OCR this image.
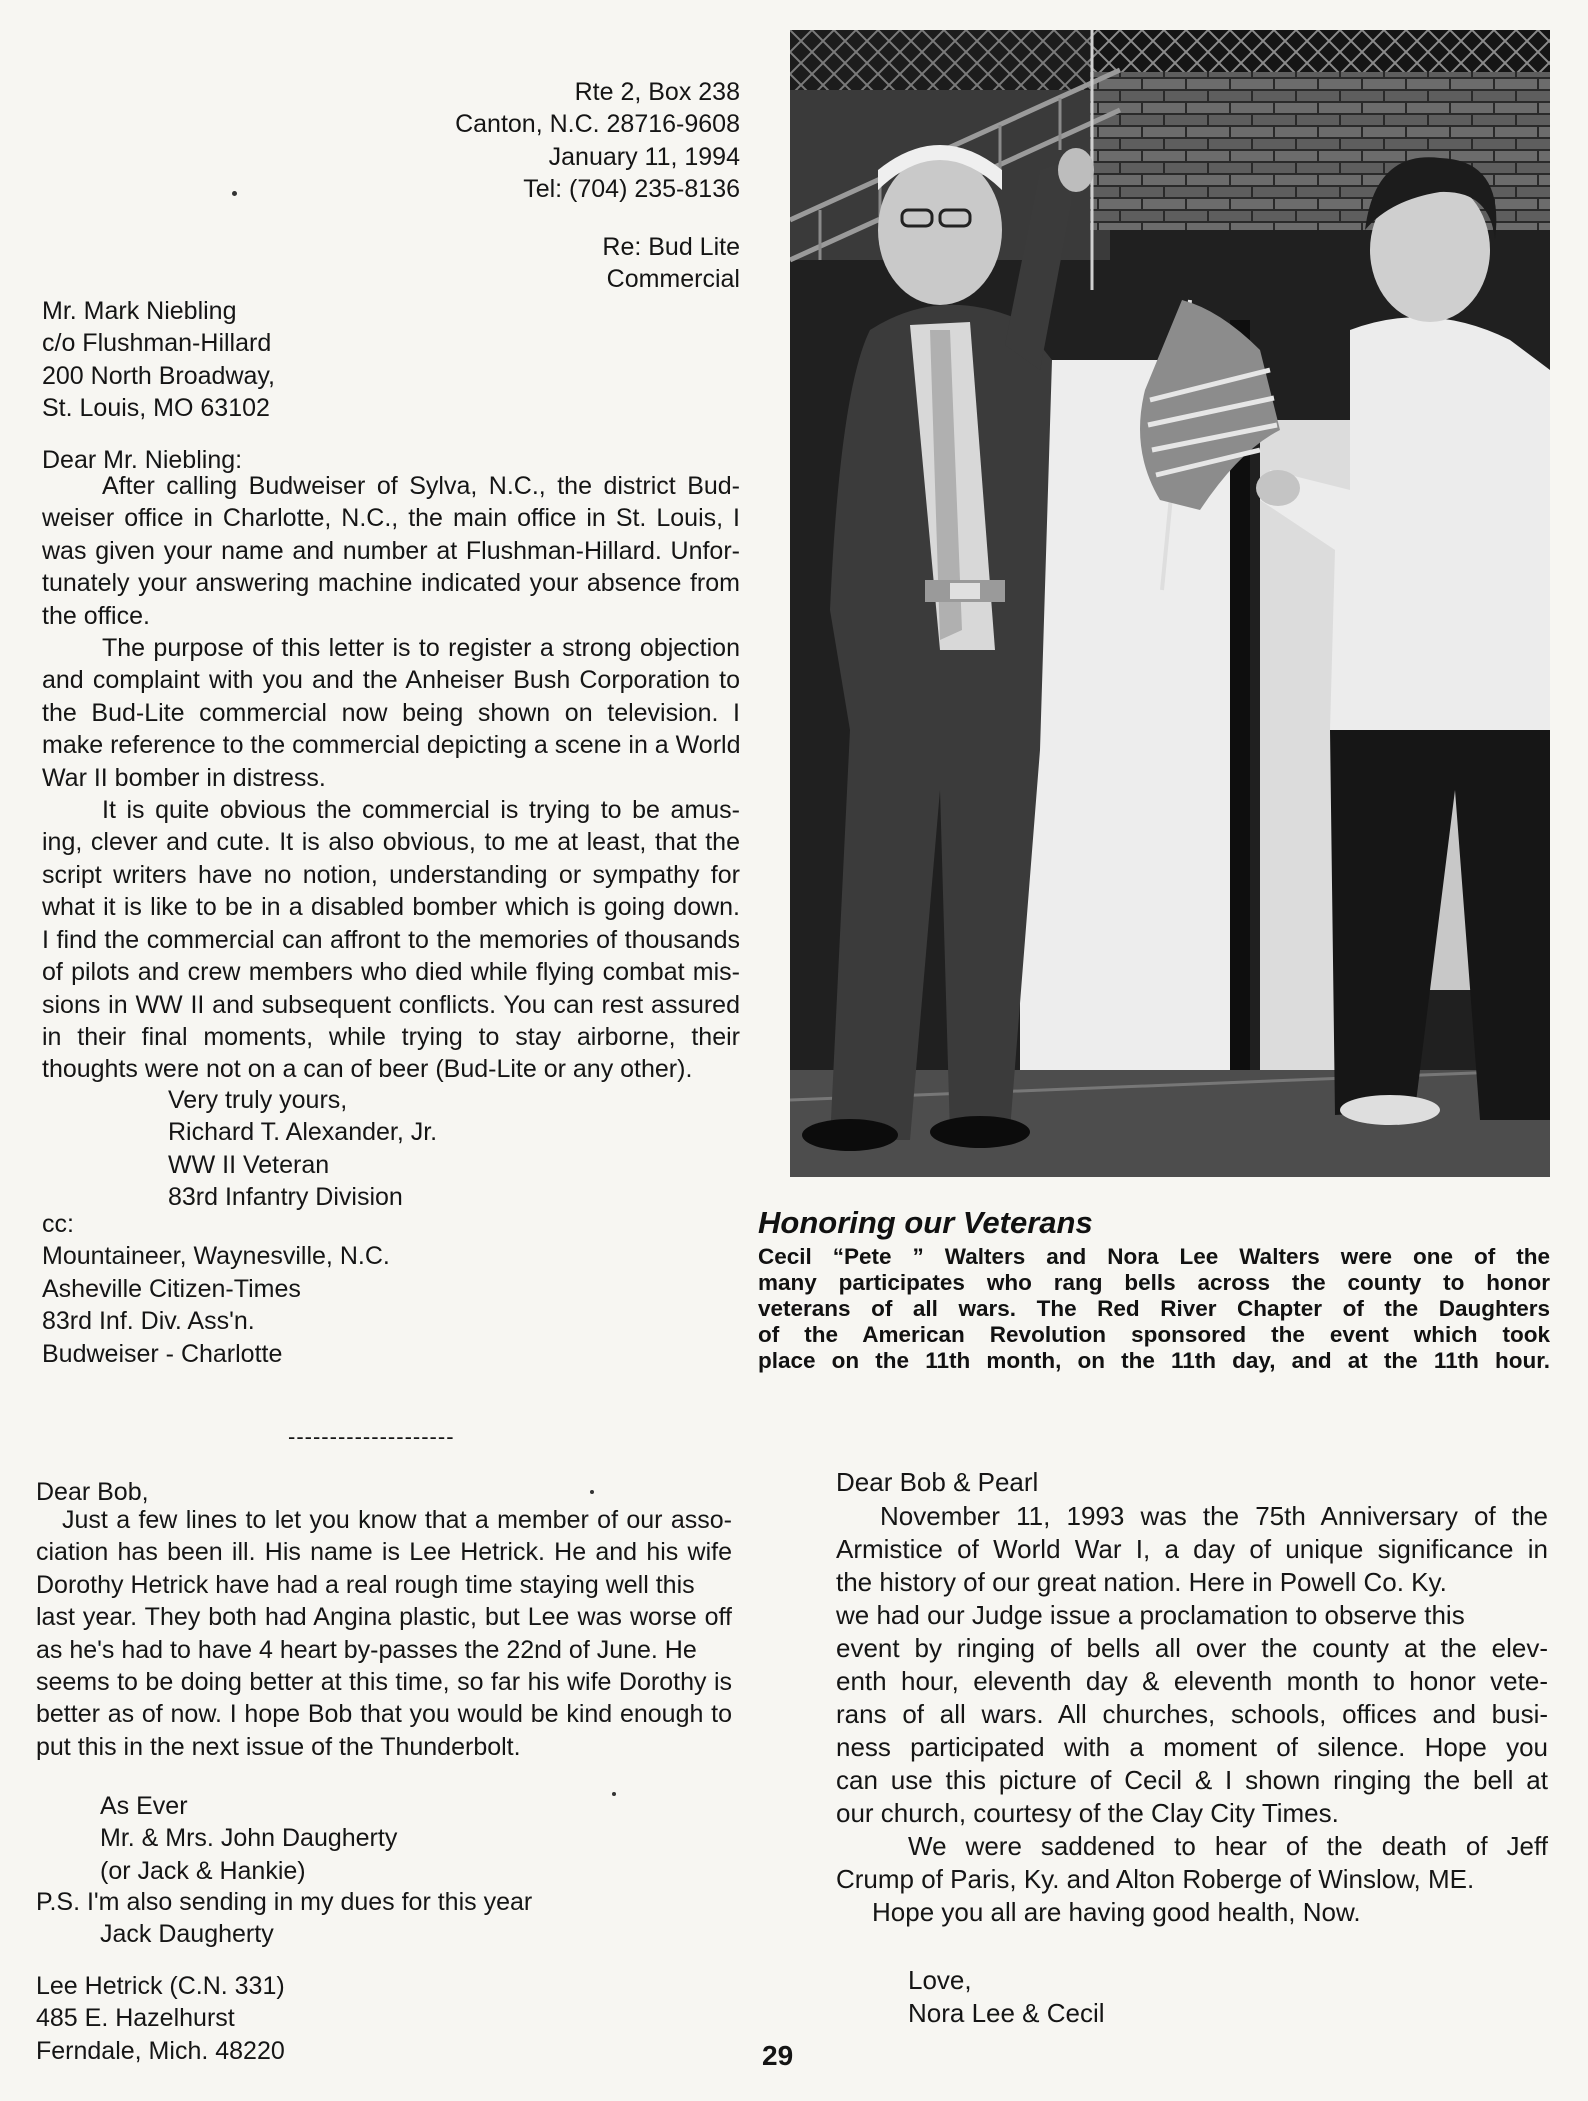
Rte 2, Box 238
Canton, N.C. 28716-9608
January 11, 1994
Tel: (704) 235-8136
Re: Bud Lite
Commercial
Mr. Mark Niebling
c/o Flushman-Hillard
200 North Broadway,
St. Louis, MO 63102
Dear Mr. Niebling:
After calling Budweiser of Sylva, N.C., the district Bud-
weiser office in Charlotte, N.C., the main office in St. Louis, I
was given your name and number at Flushman-Hillard. Unfor-
tunately your answering machine indicated your absence from
the office.
The purpose of this letter is to register a strong objection
and complaint with you and the Anheiser Bush Corporation to
the Bud-Lite commercial now being shown on television. I
make reference to the commercial depicting a scene in a World
War II bomber in distress.
It is quite obvious the commercial is trying to be amus-
ing, clever and cute. It is also obvious, to me at least, that the
script writers have no notion, understanding or sympathy for
what it is like to be in a disabled bomber which is going down.
I find the commercial can affront to the memories of thousands
of pilots and crew members who died while flying combat mis-
sions in WW II and subsequent conflicts. You can rest assured
in their final moments, while trying to stay airborne, their
thoughts were not on a can of beer (Bud-Lite or any other).
Very truly yours,
Richard T. Alexander, Jr.
WW II Veteran
83rd Infantry Division
cc:
Mountaineer, Waynesville, N.C.
Asheville Citizen-Times
83rd Inf. Div. Ass'n.
Budweiser - Charlotte
--------------------
Dear Bob,
Just a few lines to let you know that a member of our asso-
ciation has been ill. His name is Lee Hetrick. He and his wife
Dorothy Hetrick have had a real rough time staying well this
last year. They both had Angina plastic, but Lee was worse off
as he's had to have 4 heart by-passes the 22nd of June. He
seems to be doing better at this time, so far his wife Dorothy is
better as of now. I hope Bob that you would be kind enough to
put this in the next issue of the Thunderbolt.
As Ever
Mr. & Mrs. John Daugherty
(or Jack & Hankie)
P.S. I'm also sending in my dues for this year
Jack Daugherty
Lee Hetrick (C.N. 331)
485 E. Hazelhurst
Ferndale, Mich. 48220
Honoring our Veterans
Cecil “Pete ” Walters and Nora Lee Walters were one of the
many participates who rang bells across the county to honor
veterans of all wars. The Red River Chapter of the Daughters
of the American Revolution sponsored the event which took
place on the 11th month, on the 11th day, and at the 11th hour.
Dear Bob & Pearl
November 11, 1993 was the 75th Anniversary of the
Armistice of World War I, a day of unique significance in
the history of our great nation. Here in Powell Co. Ky.
we had our Judge issue a proclamation to observe this
event by ringing of bells all over the county at the elev-
enth hour, eleventh day & eleventh month to honor vete-
rans of all wars. All churches, schools, offices and busi-
ness participated with a moment of silence. Hope you
can use this picture of Cecil & I shown ringing the bell at
our church, courtesy of the Clay City Times.
We were saddened to hear of the death of Jeff
Crump of Paris, Ky. and Alton Roberge of Winslow, ME.
Hope you all are having good health, Now.
Love,
Nora Lee & Cecil
29
